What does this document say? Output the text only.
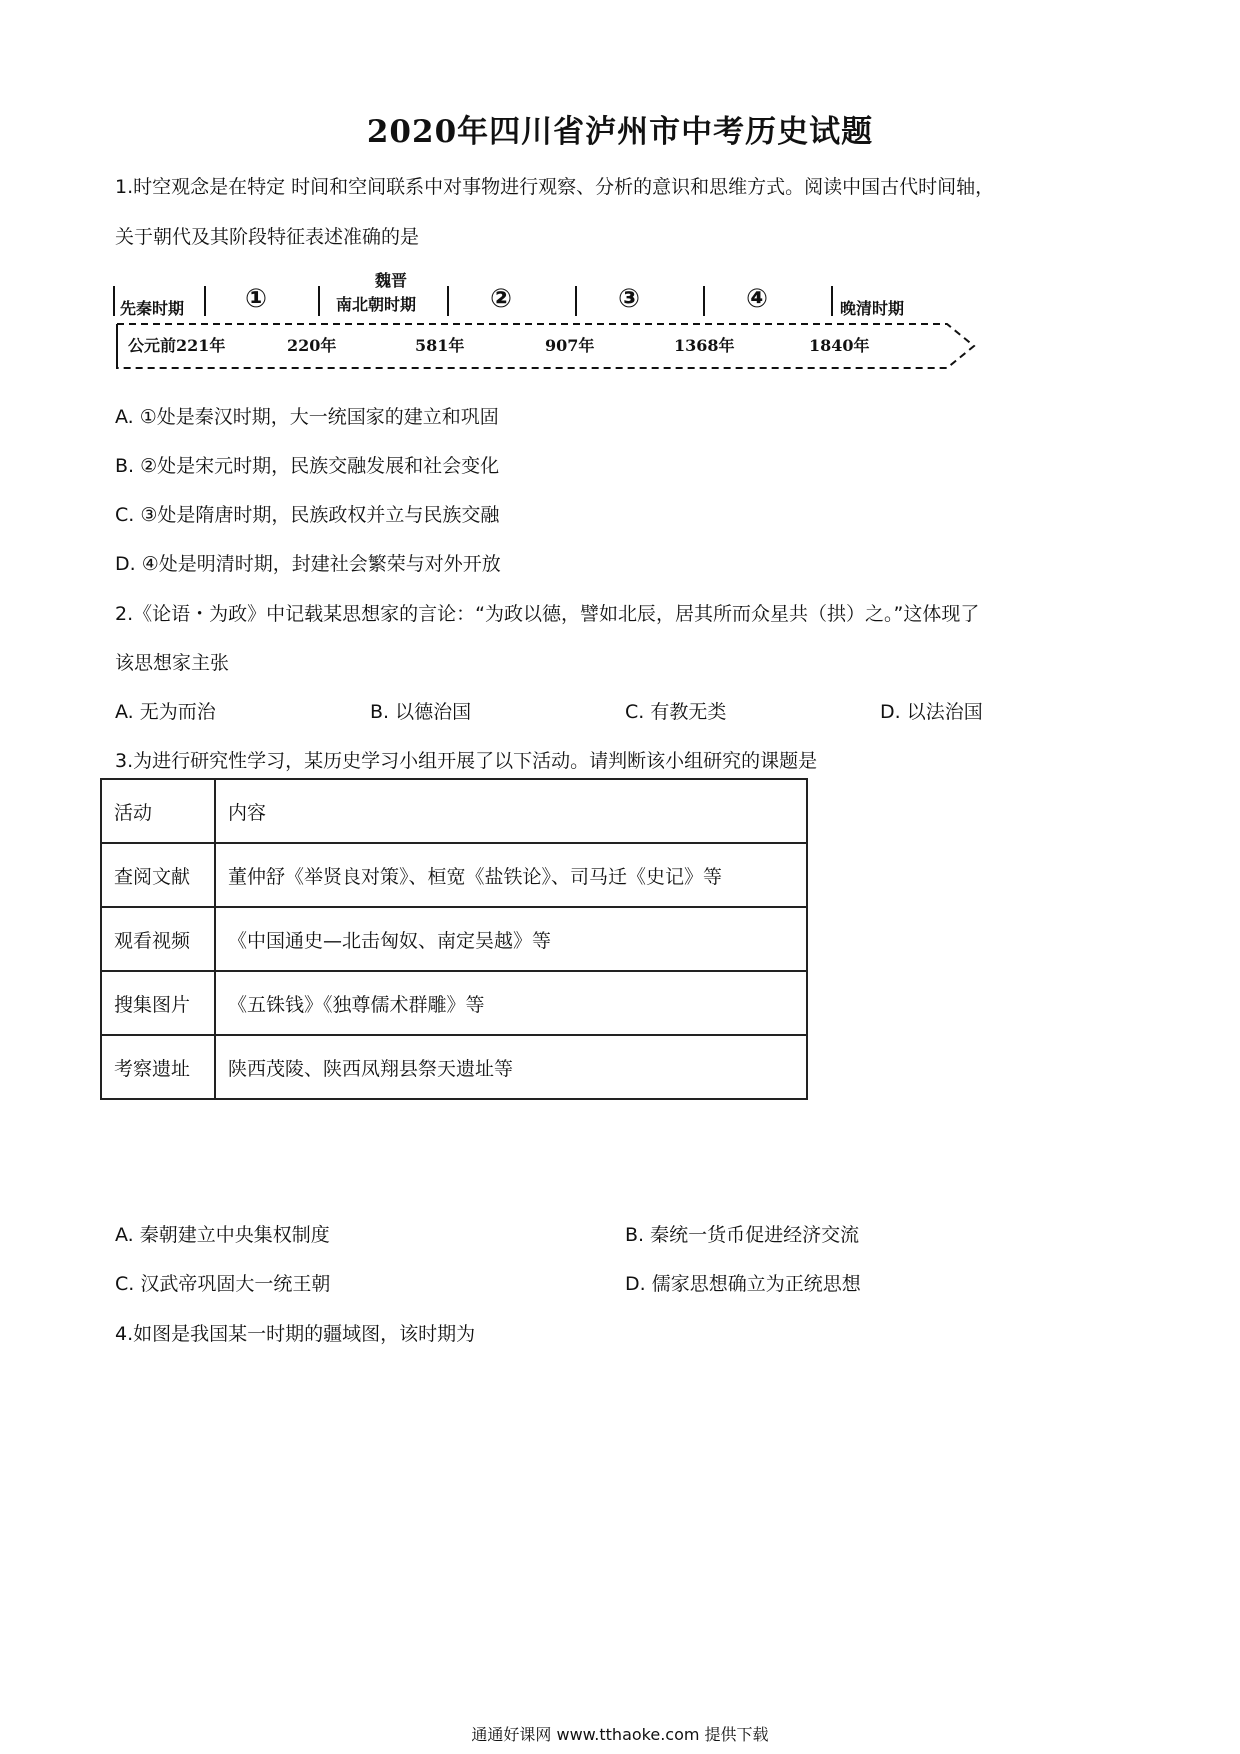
2020年四川省泸州市中考历史试题
1.时空观念是在特定 时间和空间联系中对事物进行观察、分析的意识和思维方式。阅读中国古代时间轴，
关于朝代及其阶段特征表述准确的是
先秦时期 ①
魏晋
南北朝时期	②	③	④	晚清时期
公元前221年	220年	581年	907年	1368年	1840年
A. ①处是秦汉时期，大一统国家的建立和巩固
B. ②处是宋元时期，民族交融发展和社会变化
C. ③处是隋唐时期，民族政权并立与民族交融
D. ④处是明清时期，封建社会繁荣与对外开放
2.《论语・为政》中记载某思想家的言论：“为政以德，譬如北辰，居其所而众星共（拱）之。”这体现了
该思想家主张
A. 无为而治	B. 以德治国	C. 有教无类	D. 以法治国
3.为进行研究性学习，某历史学习小组开展了以下活动。请判断该小组研究的课题是
活动	内容
查阅文献	董仲舒《举贤良对策》、桓宽《盐铁论》、司马迁《史记》等
观看视频	《中国通史—北击匈奴、南定吴越》等
搜集图片	《五铢钱》《独尊儒术群雕》等
考察遗址	陕西茂陵、陕西凤翔县祭天遗址等
A. 秦朝建立中央集权制度	B. 秦统一货币促进经济交流
C. 汉武帝巩固大一统王朝	D. 儒家思想确立为正统思想
4.如图是我国某一时期的疆域图，该时期为
通通好课网 www.tthaoke.com 提供下载
